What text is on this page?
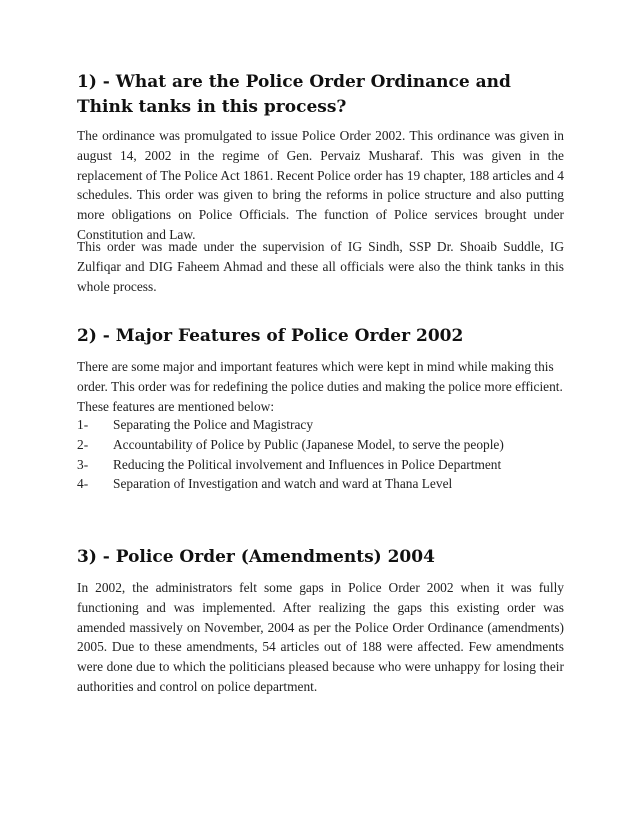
1) - What are the Police Order Ordinance and Think tanks in this process?

The ordinance was promulgated to issue Police Order 2002. This ordinance was given in august 14, 2002 in the regime of Gen. Pervaiz Musharaf. This was given in the replacement of The Police Act 1861. Recent Police order has 19 chapter, 188 articles and 4 schedules. This order was given to bring the reforms in police structure and also putting more obligations on Police Officials. The function of Police services brought under Constitution and Law.

This order was made under the supervision of IG Sindh, SSP Dr. Shoaib Suddle, IG Zulfiqar and DIG Faheem Ahmad and these all officials were also the think tanks in this whole process.

2) - Major Features of Police Order 2002

There are some major and important features which were kept in mind while making this order. This order was for redefining the police duties and making the police more efficient. These features are mentioned below:

1-	Separating the Police and Magistracy
2-	Accountability of Police by Public (Japanese Model, to serve the people)
3-	Reducing the Political involvement and Influences in Police Department
4-	Separation of Investigation and watch and ward at Thana Level
3) - Police Order (Amendments) 2004

In 2002, the administrators felt some gaps in Police Order 2002 when it was fully functioning and was implemented. After realizing the gaps this existing order was amended massively on November, 2004 as per the Police Order Ordinance (amendments) 2005. Due to these amendments, 54 articles out of 188 were affected. Few amendments were done due to which the politicians pleased because who were unhappy for losing their authorities and control on police department.
